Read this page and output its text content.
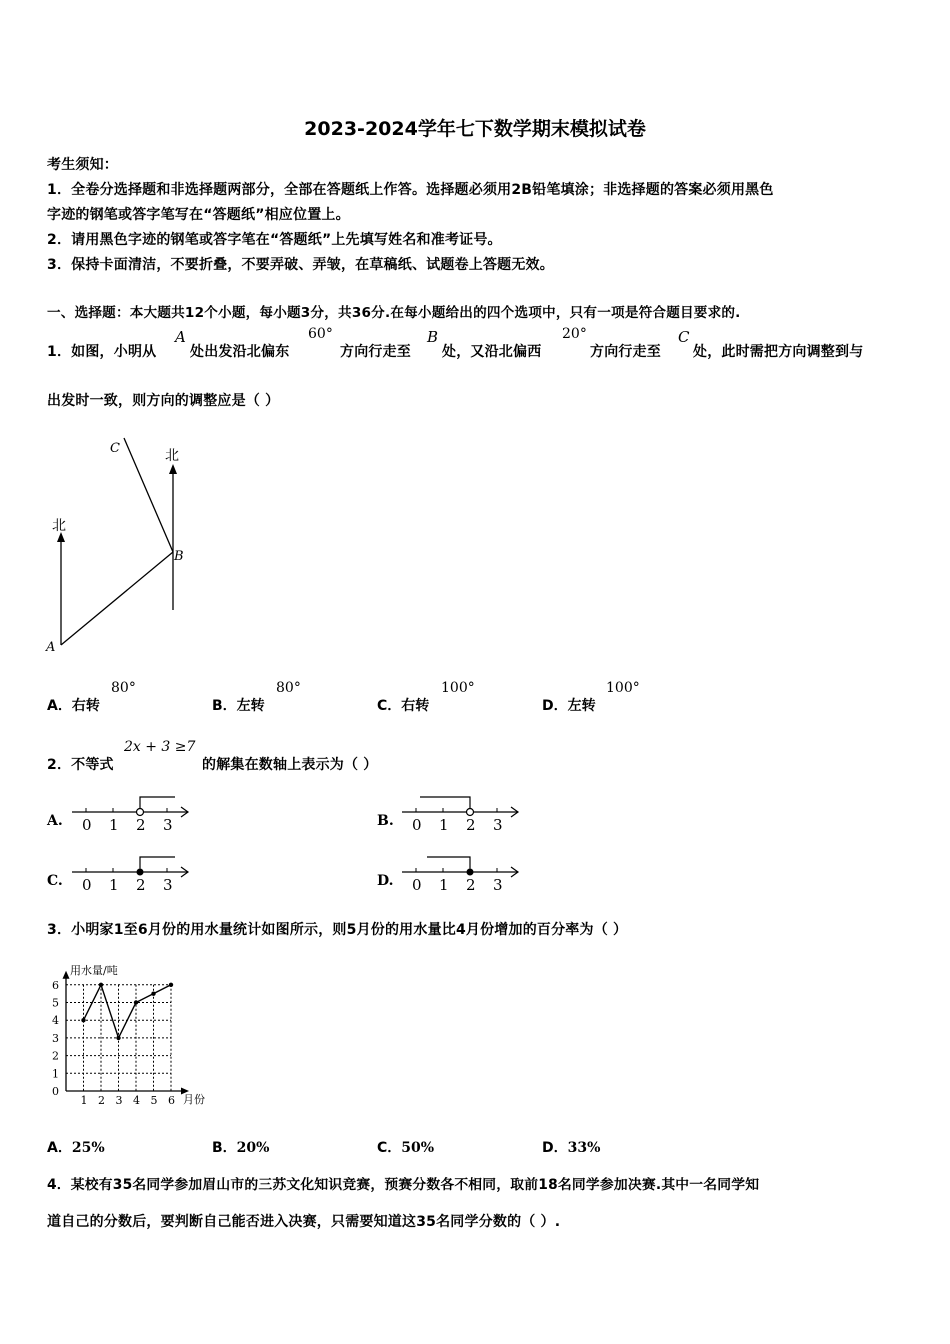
2023-2024学年七下数学期末模拟试卷
考生须知：
1．全卷分选择题和非选择题两部分，全部在答题纸上作答。选择题必须用2B铅笔填涂；非选择题的答案必须用黑色
字迹的钢笔或答字笔写在“答题纸”相应位置上。
2．请用黑色字迹的钢笔或答字笔在“答题纸”上先填写姓名和准考证号。
3．保持卡面清洁，不要折叠，不要弄破、弄皱，在草稿纸、试题卷上答题无效。
一、选择题：本大题共12个小题，每小题3分，共36分.在每小题给出的四个选项中，只有一项是符合题目要求的.
1．如图，小明从
A
处出发沿北偏东
60°
方向行走至
B
处，又沿北偏西
20°
方向行走至
C
处，此时需把方向调整到与
出发时一致，则方向的调整应是（ ）
北
北
A
B
C
A．右转
80°
B．左转
80°
C．右转
100°
D．左转
100°
2．不等式
2x + 3 ≥7
的解集在数轴上表示为（ ）
A.	B.
C.	D.
0 1 2 3	0 1 2 3
0 1 2 3	0 1 2 3
3．小明家1至6月份的用水量统计如图所示，则5月份的用水量比4月份增加的百分率为（ ）
用水量/吨
月份
0
1
2
3
4
5
6
1 2 3 4 5 6
A．25%	B．20%	C．50%	D．33%
4．某校有35名同学参加眉山市的三苏文化知识竞赛，预赛分数各不相同，取前18名同学参加决赛.其中一名同学知
道自己的分数后，要判断自己能否进入决赛，只需要知道这35名同学分数的（ ）.
